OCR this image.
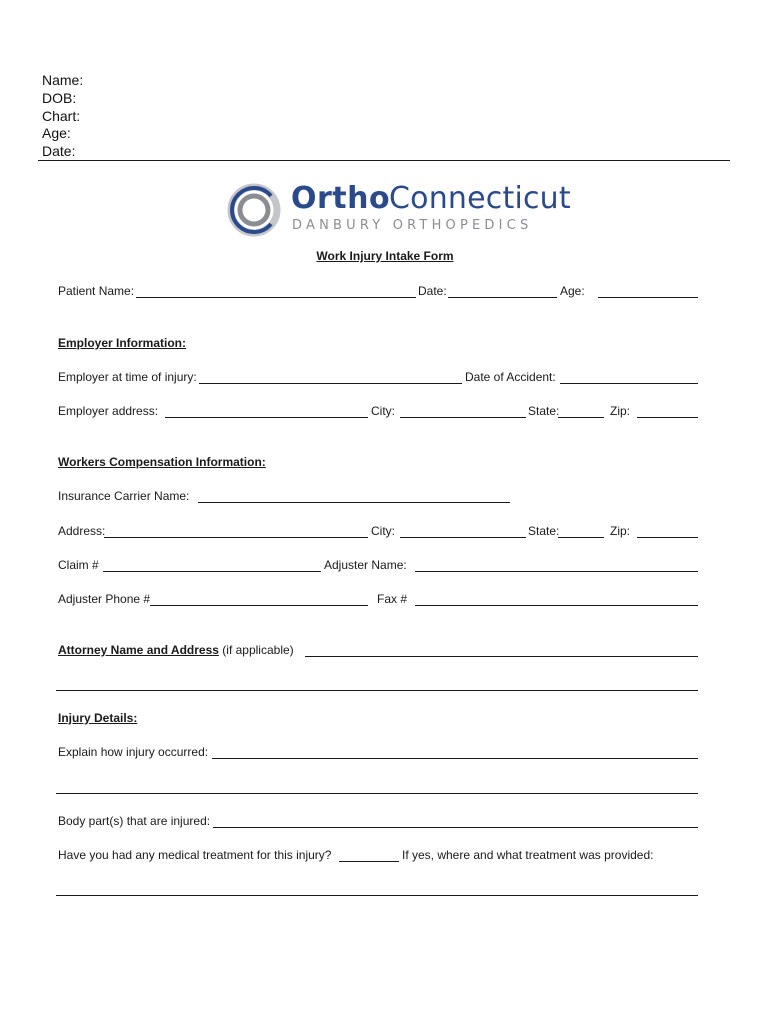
Name:
DOB:
Chart:
Age:
Date:
Ortho
Connecticut
DANBURY ORTHOPEDICS
Work Injury Intake Form
Patient Name:	Date:	Age:
Employer Information:
Employer at time of injury:	Date of Accident:
Employer address:	City:	State:	Zip:
Workers Compensation Information:
Insurance Carrier Name:
Address:	City:	State:	Zip:
Claim #	Adjuster Name:
Adjuster Phone #	Fax #
Attorney Name and Address (if applicable)
Injury Details:
Explain how injury occurred:
Body part(s) that are injured:
Have you had any medical treatment for this injury?	If yes, where and what treatment was provided:
